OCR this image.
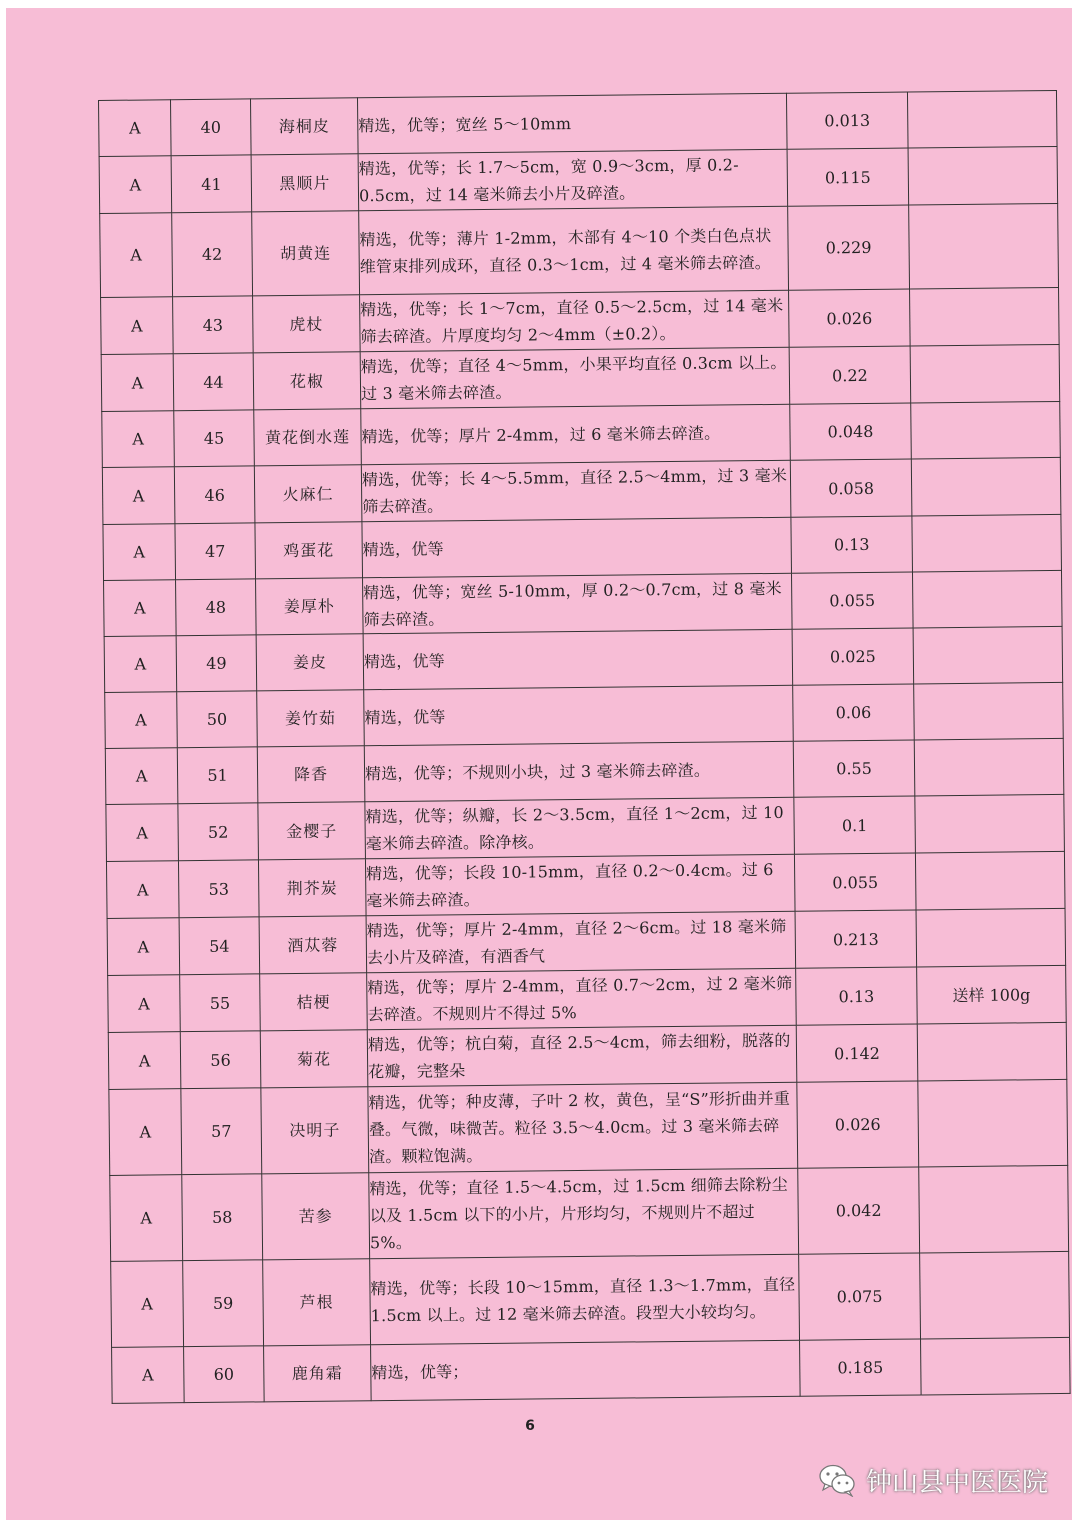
A	40	海桐皮	精选，优等；宽丝 5～10mm	0.013	
A	41	黑顺片	精选，优等；长 1.7～5cm，宽 0.9～3cm，厚 0.2-0.5cm，过 14 毫米筛去小片及碎渣。	0.115	
A	42	胡黄连	精选，优等；薄片 1-2mm，木部有 4～10 个类白色点状维管束排列成环，直径 0.3～1cm，过 4 毫米筛去碎渣。	0.229	
A	43	虎杖	精选，优等；长 1～7cm，直径 0.5～2.5cm，过 14 毫米筛去碎渣。片厚度均匀 2～4mm（±0.2）。	0.026	
A	44	花椒	精选，优等；直径 4～5mm，小果平均直径 0.3cm 以上。过 3 毫米筛去碎渣。	0.22	
A	45	黄花倒水莲	精选，优等；厚片 2-4mm，过 6 毫米筛去碎渣。	0.048	
A	46	火麻仁	精选，优等；长 4～5.5mm，直径 2.5～4mm，过 3 毫米筛去碎渣。	0.058	
A	47	鸡蛋花	精选，优等	0.13	
A	48	姜厚朴	精选，优等；宽丝 5-10mm，厚 0.2～0.7cm，过 8 毫米筛去碎渣。	0.055	
A	49	姜皮	精选，优等	0.025	
A	50	姜竹茹	精选，优等	0.06	
A	51	降香	精选，优等；不规则小块，过 3 毫米筛去碎渣。	0.55	
A	52	金樱子	精选，优等；纵瓣，长 2～3.5cm，直径 1～2cm，过 10 毫米筛去碎渣。除净核。	0.1	
A	53	荆芥炭	精选，优等；长段 10-15mm，直径 0.2～0.4cm。过 6 毫米筛去碎渣。	0.055	
A	54	酒苁蓉	精选，优等；厚片 2-4mm，直径 2～6cm。过 18 毫米筛去小片及碎渣，有酒香气	0.213	
A	55	桔梗	精选，优等；厚片 2-4mm，直径 0.7～2cm，过 2 毫米筛去碎渣。不规则片不得过 5%	0.13	送样 100g
A	56	菊花	精选，优等；杭白菊，直径 2.5～4cm，筛去细粉，脱落的花瓣，完整朵	0.142	
A	57	决明子	精选，优等；种皮薄，子叶 2 枚，黄色，呈“S”形折曲并重叠。气微，味微苦。粒径 3.5～4.0cm。过 3 毫米筛去碎渣。颗粒饱满。	0.026	
A	58	苦参	精选，优等；直径 1.5～4.5cm，过 1.5cm 细筛去除粉尘以及 1.5cm 以下的小片，片形均匀，不规则片不超过 5%。	0.042	
A	59	芦根	精选，优等；长段 10～15mm，直径 1.3～1.7mm，直径 1.5cm 以上。过 12 毫米筛去碎渣。段型大小较均匀。	0.075	
A	60	鹿角霜	精选，优等；	0.185	
6
钟山县中医医院
